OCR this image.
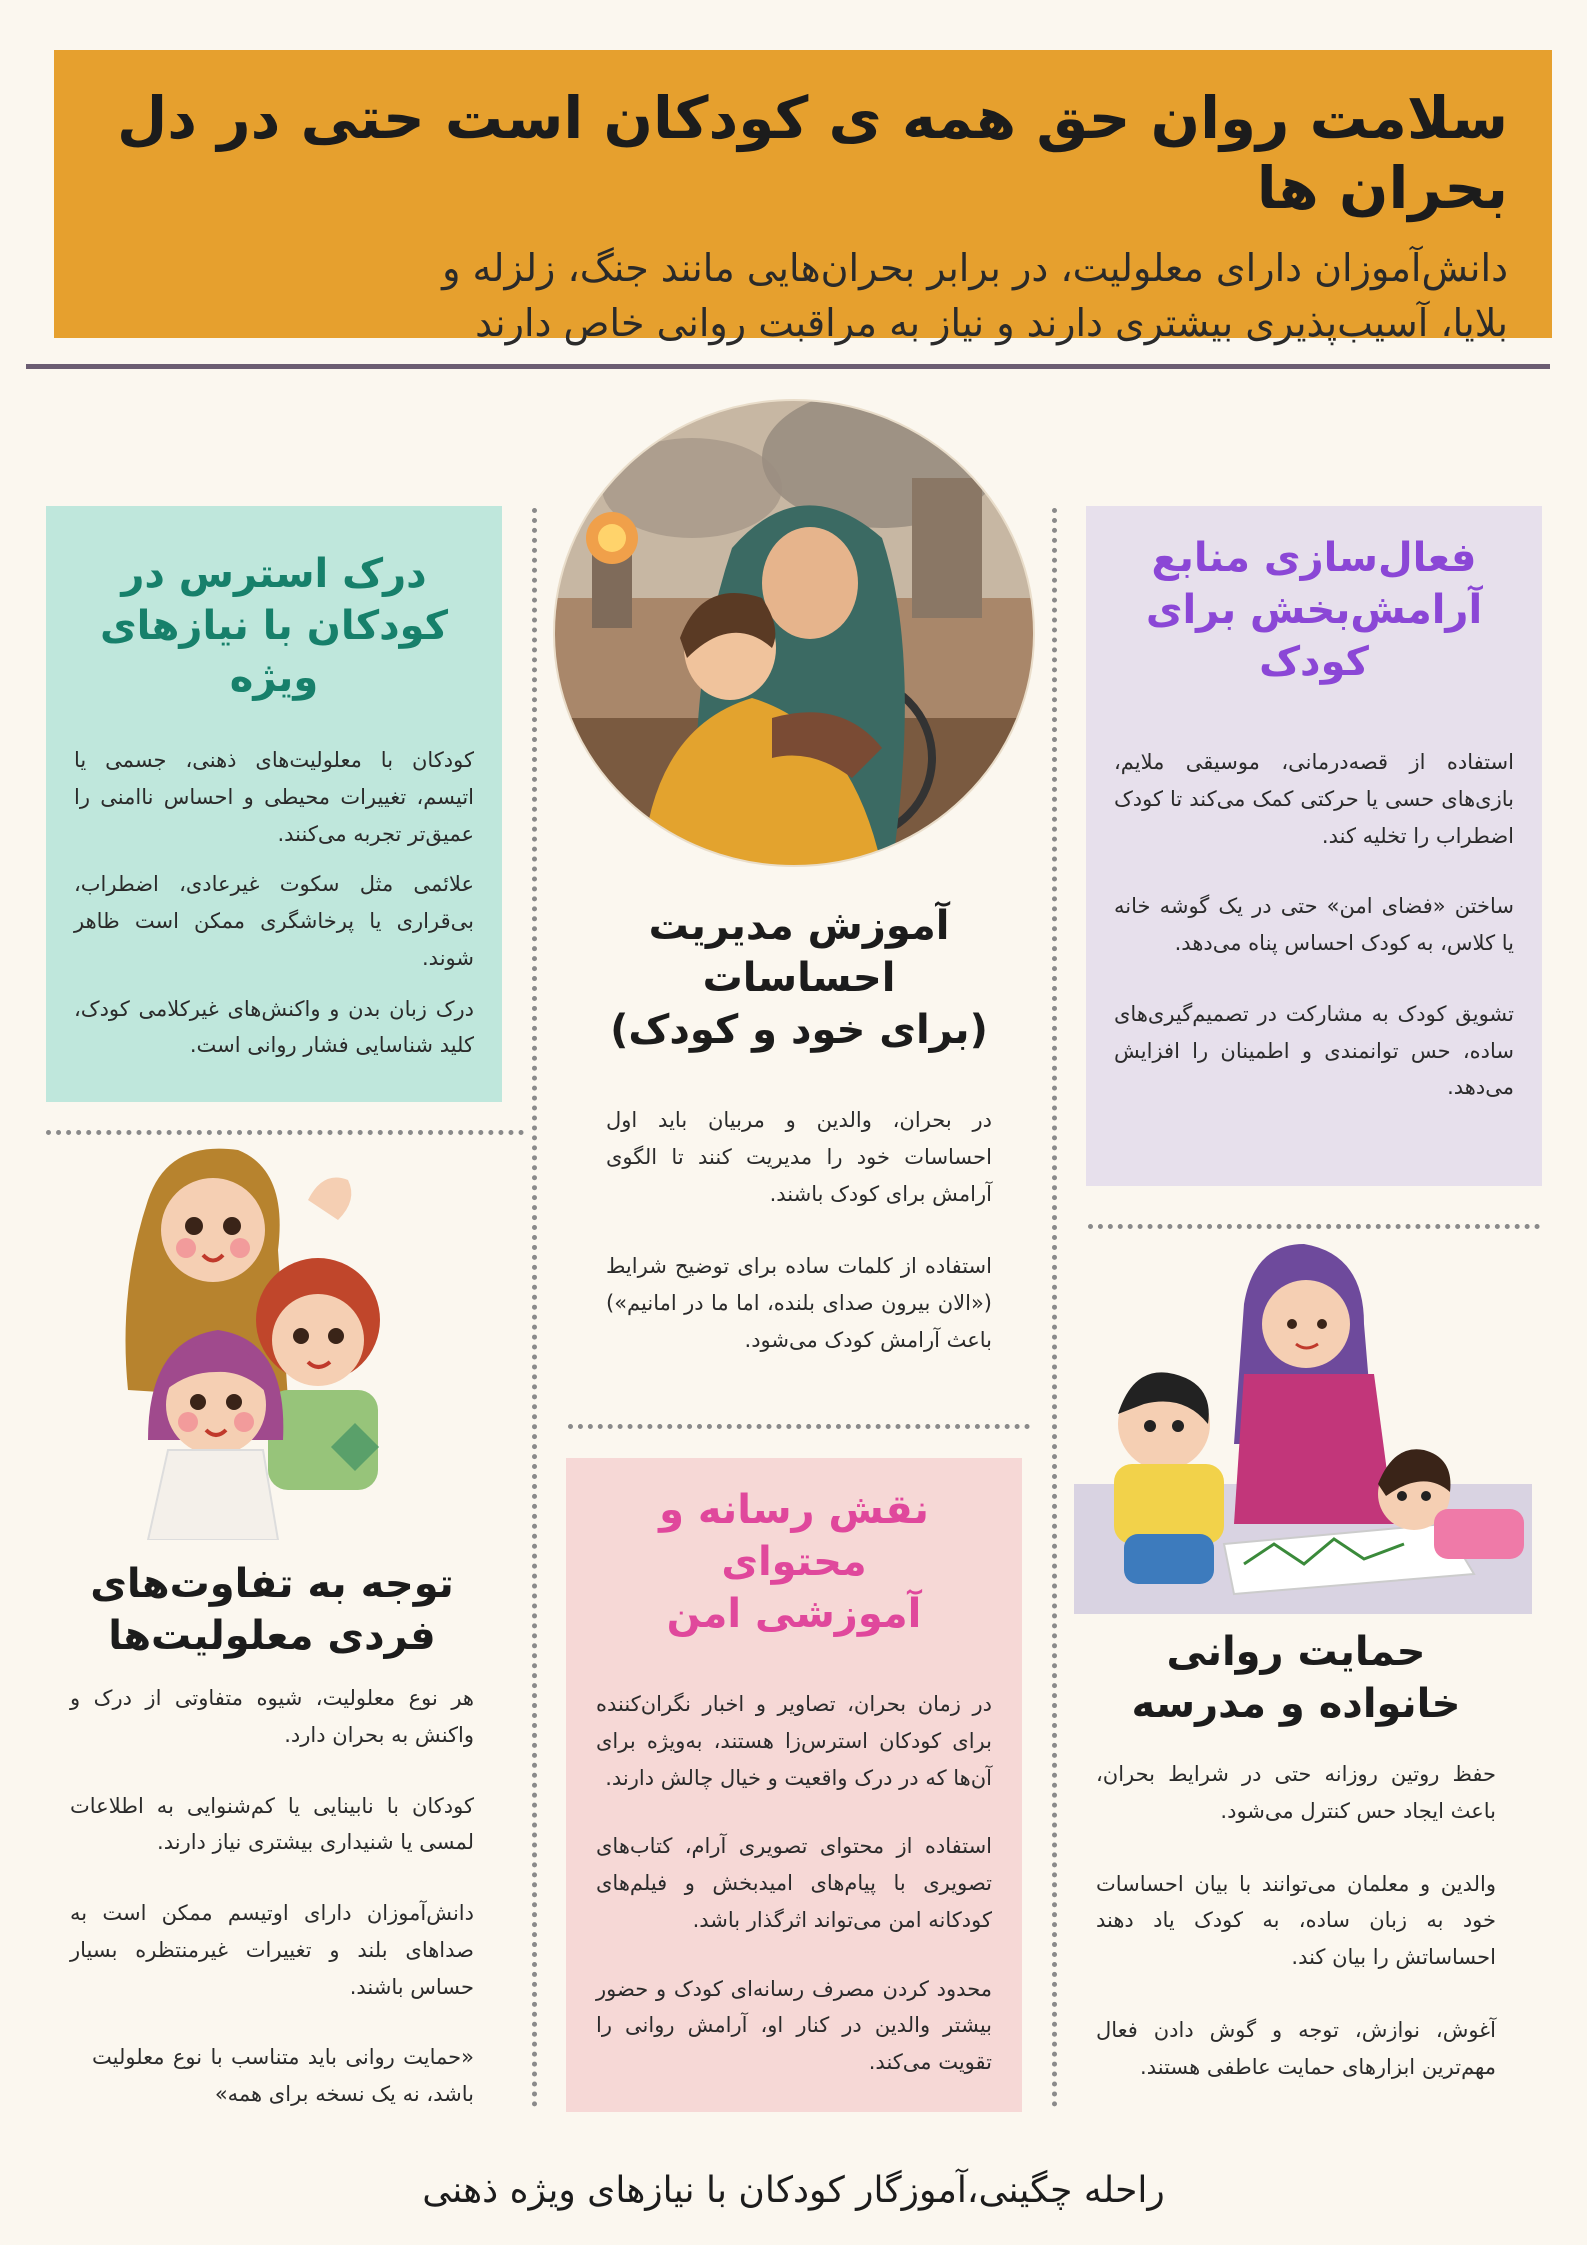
سلامت روان حق همه ی کودکان است حتی در دل بحران ها

دانش‌آموزان دارای معلولیت، در برابر بحران‌هایی مانند جنگ، زلزله و
بلایا، آسیب‌پذیری بیشتری دارند و نیاز به مراقبت روانی خاص دارند

درک استرس در
کودکان با نیازهای ویژه

کودکان با معلولیت‌های ذهنی، جسمی یا اتیسم، تغییرات محیطی و احساس ناامنی را عمیق‌تر تجربه می‌کنند.

علائمی مثل سکوت غیرعادی، اضطراب، بی‌قراری یا پرخاشگری ممکن است ظاهر شوند.

درک زبان بدن و واکنش‌های غیرکلامی کودک، کلید شناسایی فشار روانی است.

آموزش مدیریت احساسات
(برای خود و کودک)

در بحران، والدین و مربیان باید اول احساسات خود را مدیریت کنند تا الگوی آرامش برای کودک باشند.

استفاده از کلمات ساده برای توضیح شرایط («الان بیرون صدای بلنده، اما ما در امانیم») باعث آرامش کودک می‌شود.

فعال‌سازی منابع
آرامش‌بخش برای کودک

استفاده از قصه‌درمانی، موسیقی ملایم، بازی‌های حسی یا حرکتی کمک می‌کند تا کودک اضطراب را تخلیه کند.

ساختن «فضای امن» حتی در یک گوشه خانه یا کلاس، به کودک احساس پناه می‌دهد.

تشویق کودک به مشارکت در تصمیم‌گیری‌های ساده، حس توانمندی و اطمینان را افزایش می‌دهد.

توجه به تفاوت‌های
فردی معلولیت‌ها

هر نوع معلولیت، شیوه متفاوتی از درک و واکنش به بحران دارد.

کودکان با نابینایی یا کم‌شنوایی به اطلاعات لمسی یا شنیداری بیشتری نیاز دارند.

دانش‌آموزان دارای اوتیسم ممکن است به صداهای بلند و تغییرات غیرمنتظره بسیار حساس باشند.

«حمایت روانی باید متناسب با نوع معلولیت باشد، نه یک نسخه برای همه»

نقش رسانه و محتوای
آموزشی امن

در زمان بحران، تصاویر و اخبار نگران‌کننده برای کودکان استرس‌زا هستند، به‌ویژه برای آن‌ها که در درک واقعیت و خیال چالش دارند.

استفاده از محتوای تصویری آرام، کتاب‌های تصویری با پیام‌های امیدبخش و فیلم‌های کودکانه امن می‌تواند اثرگذار باشد.

محدود کردن مصرف رسانه‌ای کودک و حضور بیشتر والدین در کنار او، آرامش روانی را تقویت می‌کند.

حمایت روانی
خانواده و مدرسه

حفظ روتین روزانه حتی در شرایط بحران، باعث ایجاد حس کنترل می‌شود.

والدین و معلمان می‌توانند با بیان احساسات خود به زبان ساده، به کودک یاد دهند احساساتش را بیان کند.

آغوش، نوازش، توجه و گوش دادن فعال مهم‌ترین ابزارهای حمایت عاطفی هستند.

راحله چگینی،آموزگار کودکان با نیازهای ویژه ذهنی
